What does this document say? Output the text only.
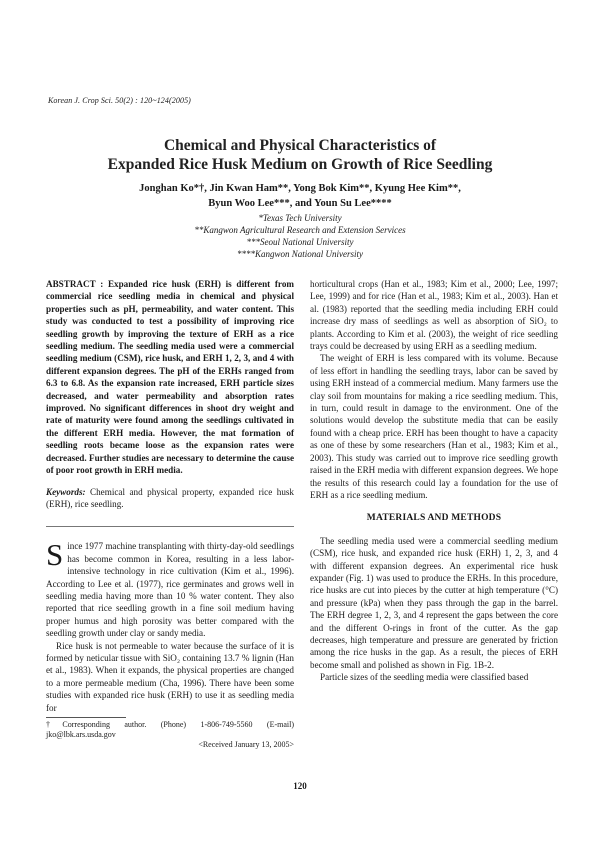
Korean J. Crop Sci. 50(2) : 120~124(2005)
Chemical and Physical Characteristics of
Expanded Rice Husk Medium on Growth of Rice Seedling
Jonghan Ko*†, Jin Kwan Ham**, Yong Bok Kim**, Kyung Hee Kim**,
Byun Woo Lee***, and Youn Su Lee****
*Texas Tech University
**Kangwon Agricultural Research and Extension Services
***Seoul National University
****Kangwon National University

ABSTRACT : Expanded rice husk (ERH) is different from commercial rice seedling media in chemical and physical properties such as pH, permeability, and water content. This study was conducted to test a possibility of improving rice seedling growth by improving the texture of ERH as a rice seedling medium. The seedling media used were a commercial seedling medium (CSM), rice husk, and ERH 1, 2, 3, and 4 with different expansion degrees. The pH of the ERHs ranged from 6.3 to 6.8. As the expansion rate increased, ERH particle sizes decreased, and water permeability and absorption rates improved. No significant differences in shoot dry weight and rate of maturity were found among the seedlings cultivated in the different ERH media. However, the mat formation of seedling roots became loose as the expansion rates were decreased. Further studies are necessary to determine the cause of poor root growth in ERH media.

Keywords: Chemical and physical property, expanded rice husk (ERH), rice seedling.

Since 1977 machine transplanting with thirty-day-old seedlings has become common in Korea, resulting in a less labor-intensive technology in rice cultivation (Kim et al., 1996). According to Lee et al. (1977), rice germinates and grows well in seedling media having more than 10 % water content. They also reported that rice seedling growth in a fine soil medium having proper humus and high porosity was better compared with the seedling growth under clay or sandy media.

Rice husk is not permeable to water because the surface of it is formed by neticular tissue with SiO₂ containing 13.7 % lignin (Han et al., 1983). When it expands, the physical properties are changed to a more permeable medium (Cha, 1996). There have been some studies with expanded rice husk (ERH) to use it as seedling media for

†Corresponding author. (Phone) 1-806-749-5560 (E-mail) jko@lbk.ars.usda.gov
<Received January 13, 2005>

horticultural crops (Han et al., 1983; Kim et al., 2000; Lee, 1997; Lee, 1999) and for rice (Han et al., 1983; Kim et al., 2003). Han et al. (1983) reported that the seedling media including ERH could increase dry mass of seedlings as well as absorption of SiO₂ to plants. According to Kim et al. (2003), the weight of rice seedling trays could be decreased by using ERH as a seedling medium.

The weight of ERH is less compared with its volume. Because of less effort in handling the seedling trays, labor can be saved by using ERH instead of a commercial medium. Many farmers use the clay soil from mountains for making a rice seedling medium. This, in turn, could result in damage to the environment. One of the solutions would develop the substitute media that can be easily found with a cheap price. ERH has been thought to have a capacity as one of these by some researchers (Han et al., 1983; Kim et al., 2003). This study was carried out to improve rice seedling growth raised in the ERH media with different expansion degrees. We hope the results of this research could lay a foundation for the use of ERH as a rice seedling medium.

MATERIALS AND METHODS

The seedling media used were a commercial seedling medium (CSM), rice husk, and expanded rice husk (ERH) 1, 2, 3, and 4 with different expansion degrees. An experimental rice husk expander (Fig. 1) was used to produce the ERHs. In this procedure, rice husks are cut into pieces by the cutter at high temperature (°C) and pressure (kPa) when they pass through the gap in the barrel. The ERH degree 1, 2, 3, and 4 represent the gaps between the core and the different O-rings in front of the cutter. As the gap decreases, high temperature and pressure are generated by friction among the rice husks in the gap. As a result, the pieces of ERH become small and polished as shown in Fig. 1B-2.

Particle sizes of the seedling media were classified based

120
